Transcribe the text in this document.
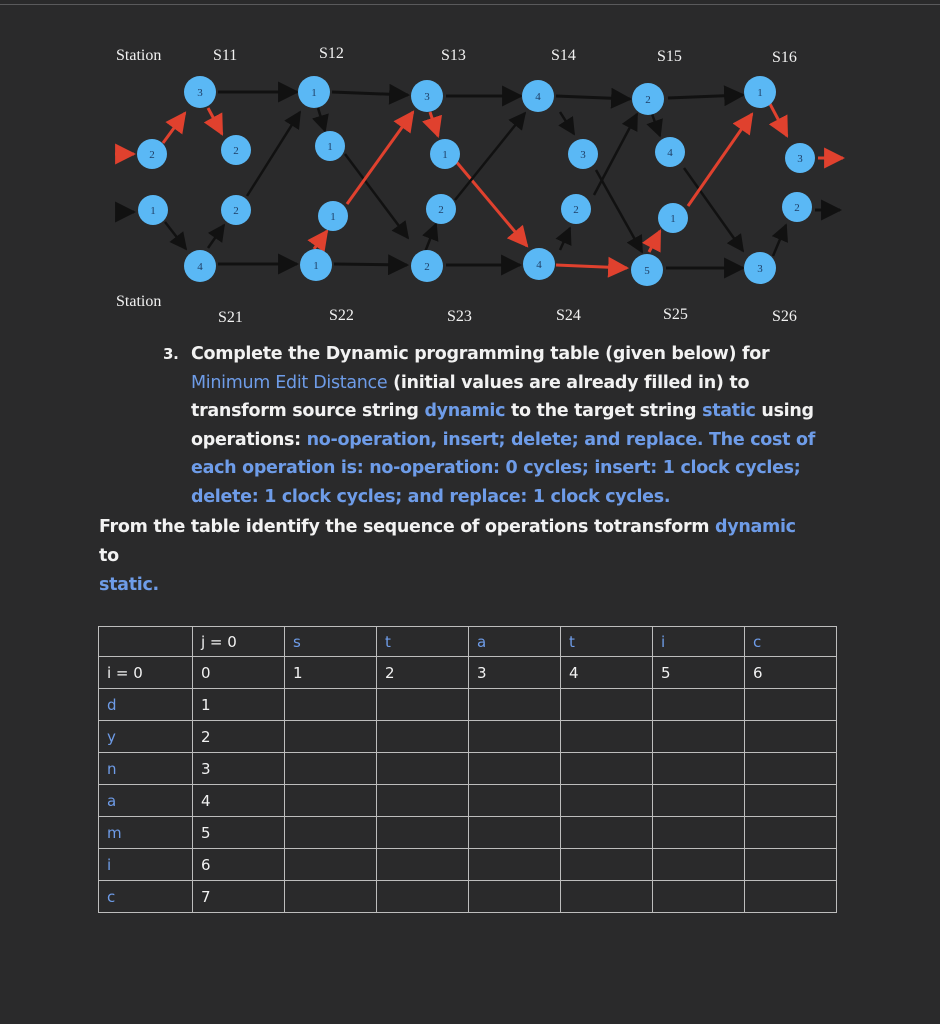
Station
Station
S11	S12	S13	S14	S15	S16
S21	S22	S23	S24	S25	S26
2
1
3
2
3	1	3	4	2
1
4	1	2	4	5	3
2	1
1	3	4
2	1
2	2
1
3. Complete the Dynamic programming table (given below) for

Minimum Edit Distance (initial values are already filled in) to transform source string dynamic to the target string static using operations: no-operation, insert; delete; and replace. The cost of each operation is: no-operation: 0 cycles; insert: 1 clock cycles; delete: 1 clock cycles; and replace: 1 clock cycles.
From the table identify the sequence of operations totransform dynamic to
static.
	j = 0	s	t	a	t	i	c
i = 0	0	1	2	3	4	5	6
d	1						
y	2						
n	3						
a	4						
m	5						
i	6						
c	7						
